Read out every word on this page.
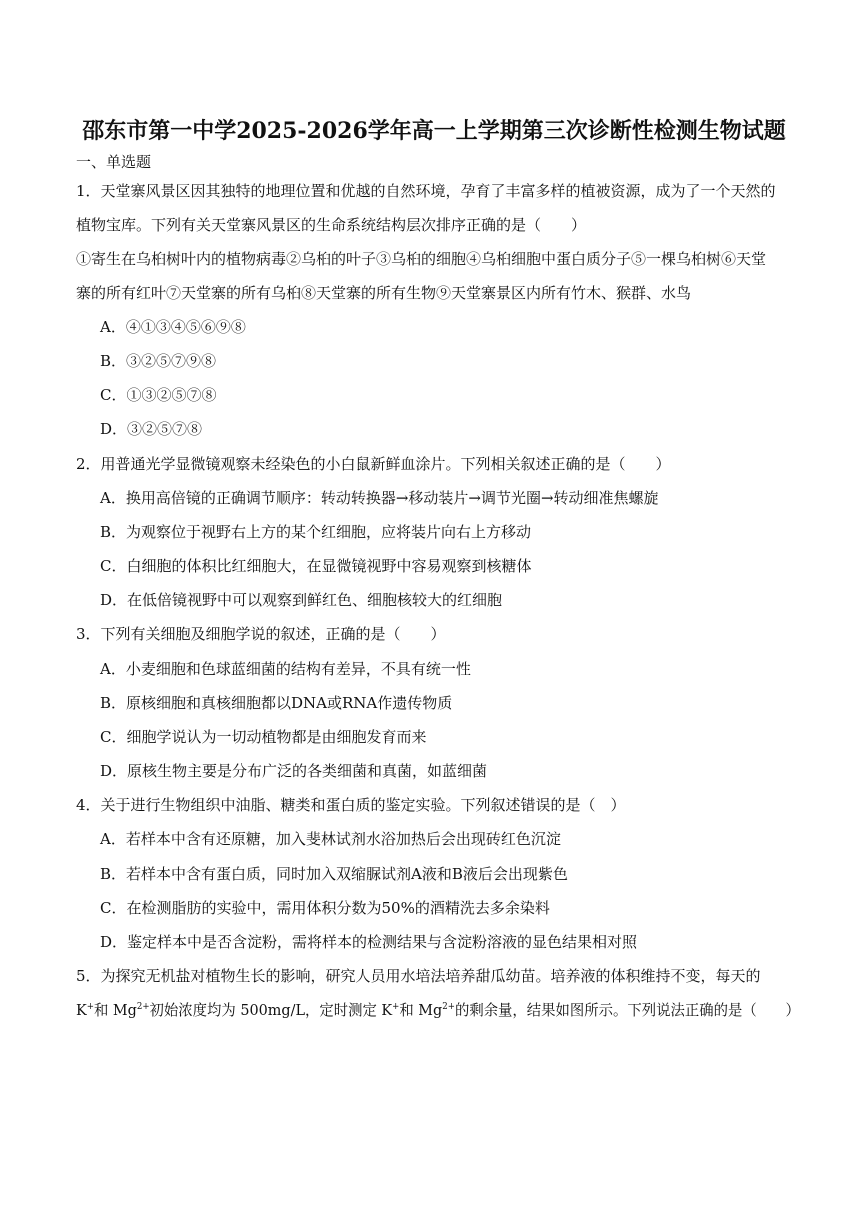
邵东市第一中学2025-2026学年高一上学期第三次诊断性检测生物试题
一、单选题
1．天堂寨风景区因其独特的地理位置和优越的自然环境，孕育了丰富多样的植被资源，成为了一个天然的
植物宝库。下列有关天堂寨风景区的生命系统结构层次排序正确的是（　　）
①寄生在乌桕树叶内的植物病毒②乌桕的叶子③乌桕的细胞④乌桕细胞中蛋白质分子⑤一棵乌桕树⑥天堂
寨的所有红叶⑦天堂寨的所有乌桕⑧天堂寨的所有生物⑨天堂寨景区内所有竹木、猴群、水鸟
A．④①③④⑤⑥⑨⑧
B．③②⑤⑦⑨⑧
C．①③②⑤⑦⑧
D．③②⑤⑦⑧
2．用普通光学显微镜观察未经染色的小白鼠新鲜血涂片。下列相关叙述正确的是（　　）
A．换用高倍镜的正确调节顺序：转动转换器→移动装片→调节光圈→转动细准焦螺旋
B．为观察位于视野右上方的某个红细胞，应将装片向右上方移动
C．白细胞的体积比红细胞大，在显微镜视野中容易观察到核糖体
D．在低倍镜视野中可以观察到鲜红色、细胞核较大的红细胞
3．下列有关细胞及细胞学说的叙述，正确的是（　　）
A．小麦细胞和色球蓝细菌的结构有差异，不具有统一性
B．原核细胞和真核细胞都以DNA或RNA作遗传物质
C．细胞学说认为一切动植物都是由细胞发育而来
D．原核生物主要是分布广泛的各类细菌和真菌，如蓝细菌
4．关于进行生物组织中油脂、糖类和蛋白质的鉴定实验。下列叙述错误的是（　）
A．若样本中含有还原糖，加入斐林试剂水浴加热后会出现砖红色沉淀
B．若样本中含有蛋白质，同时加入双缩脲试剂A液和B液后会出现紫色
C．在检测脂肪的实验中，需用体积分数为50%的酒精洗去多余染料
D．鉴定样本中是否含淀粉，需将样本的检测结果与含淀粉溶液的显色结果相对照
5．为探究无机盐对植物生长的影响，研究人员用水培法培养甜瓜幼苗。培养液的体积维持不变，每天的
K+和 $Mg^{2+}$初始浓度均为 500mg/L，定时测定 K+和 $Mg^{2+}$的剩余量，结果如图所示。下列说法正确的是（　　）
